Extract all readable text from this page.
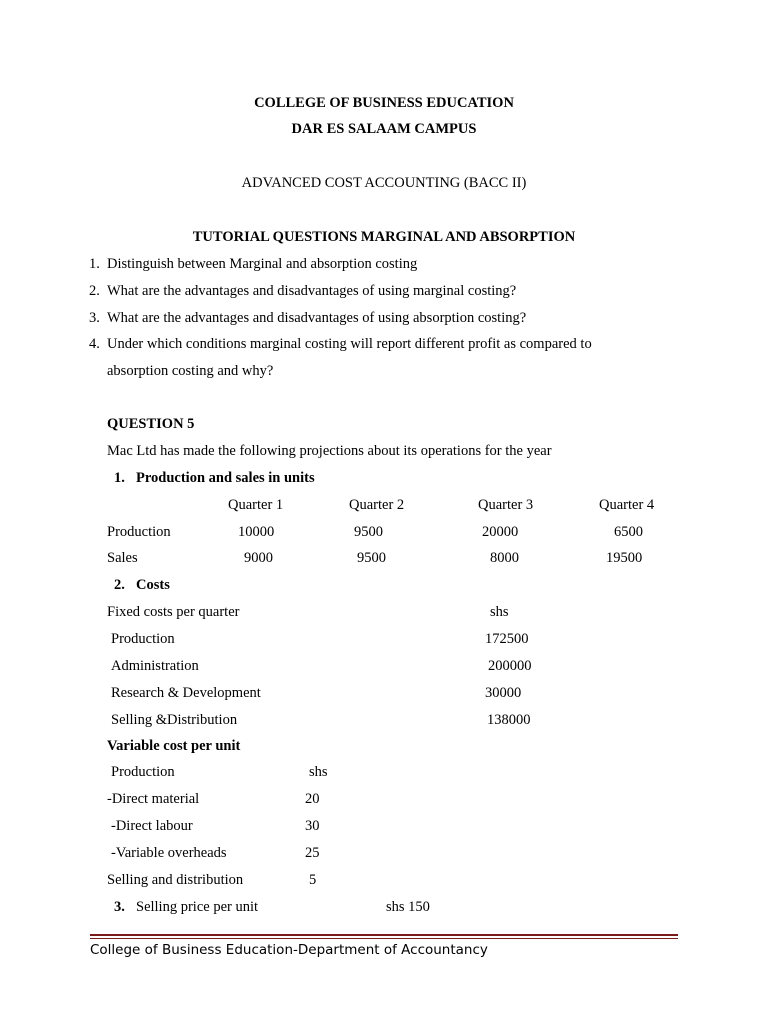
COLLEGE OF BUSINESS EDUCATION
DAR ES SALAAM CAMPUS
ADVANCED COST ACCOUNTING (BACC II)
TUTORIAL QUESTIONS MARGINAL AND ABSORPTION
1. Distinguish between Marginal and absorption costing
2. What are the advantages and disadvantages of using marginal costing?
3. What are the advantages and disadvantages of using absorption costing?
4. Under which conditions marginal costing will report different profit as compared to
absorption costing and why?
QUESTION 5
Mac Ltd has made the following projections about its operations for the year
1. Production and sales in units
Quarter 1	Quarter 2	Quarter 3	Quarter 4
Production	10000	9500	20000	6500
Sales	9000	9500	8000	19500
2. Costs
Fixed costs per quarter	shs
Production	172500
Administration	200000
Research & Development	30000
Selling &Distribution	138000
Variable cost per unit
Production	shs
-Direct material	20
-Direct labour	30
-Variable overheads	25
Selling and distribution	5
3. Selling price per unit	shs 150
College of Business Education-Department of Accountancy
